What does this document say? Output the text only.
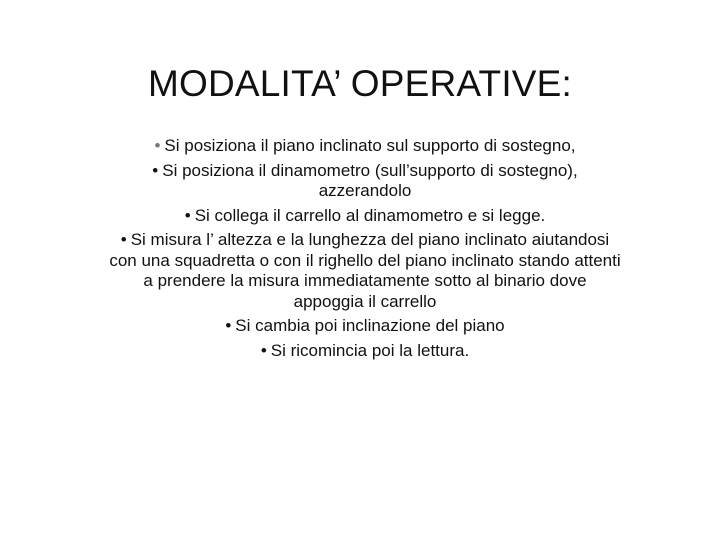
MODALITA’ OPERATIVE:

• Si posiziona il piano inclinato sul supporto di sostegno,

• Si posiziona il dinamometro (sull’supporto di sostegno), azzerandolo

• Si collega il carrello al dinamometro e si legge.

• Si misura l’ altezza e la lunghezza del piano inclinato aiutandosi con una squadretta o con il righello del piano inclinato stando attenti a prendere la misura immediatamente sotto al binario dove appoggia il carrello

• Si cambia poi inclinazione del piano

• Si ricomincia poi la lettura.
